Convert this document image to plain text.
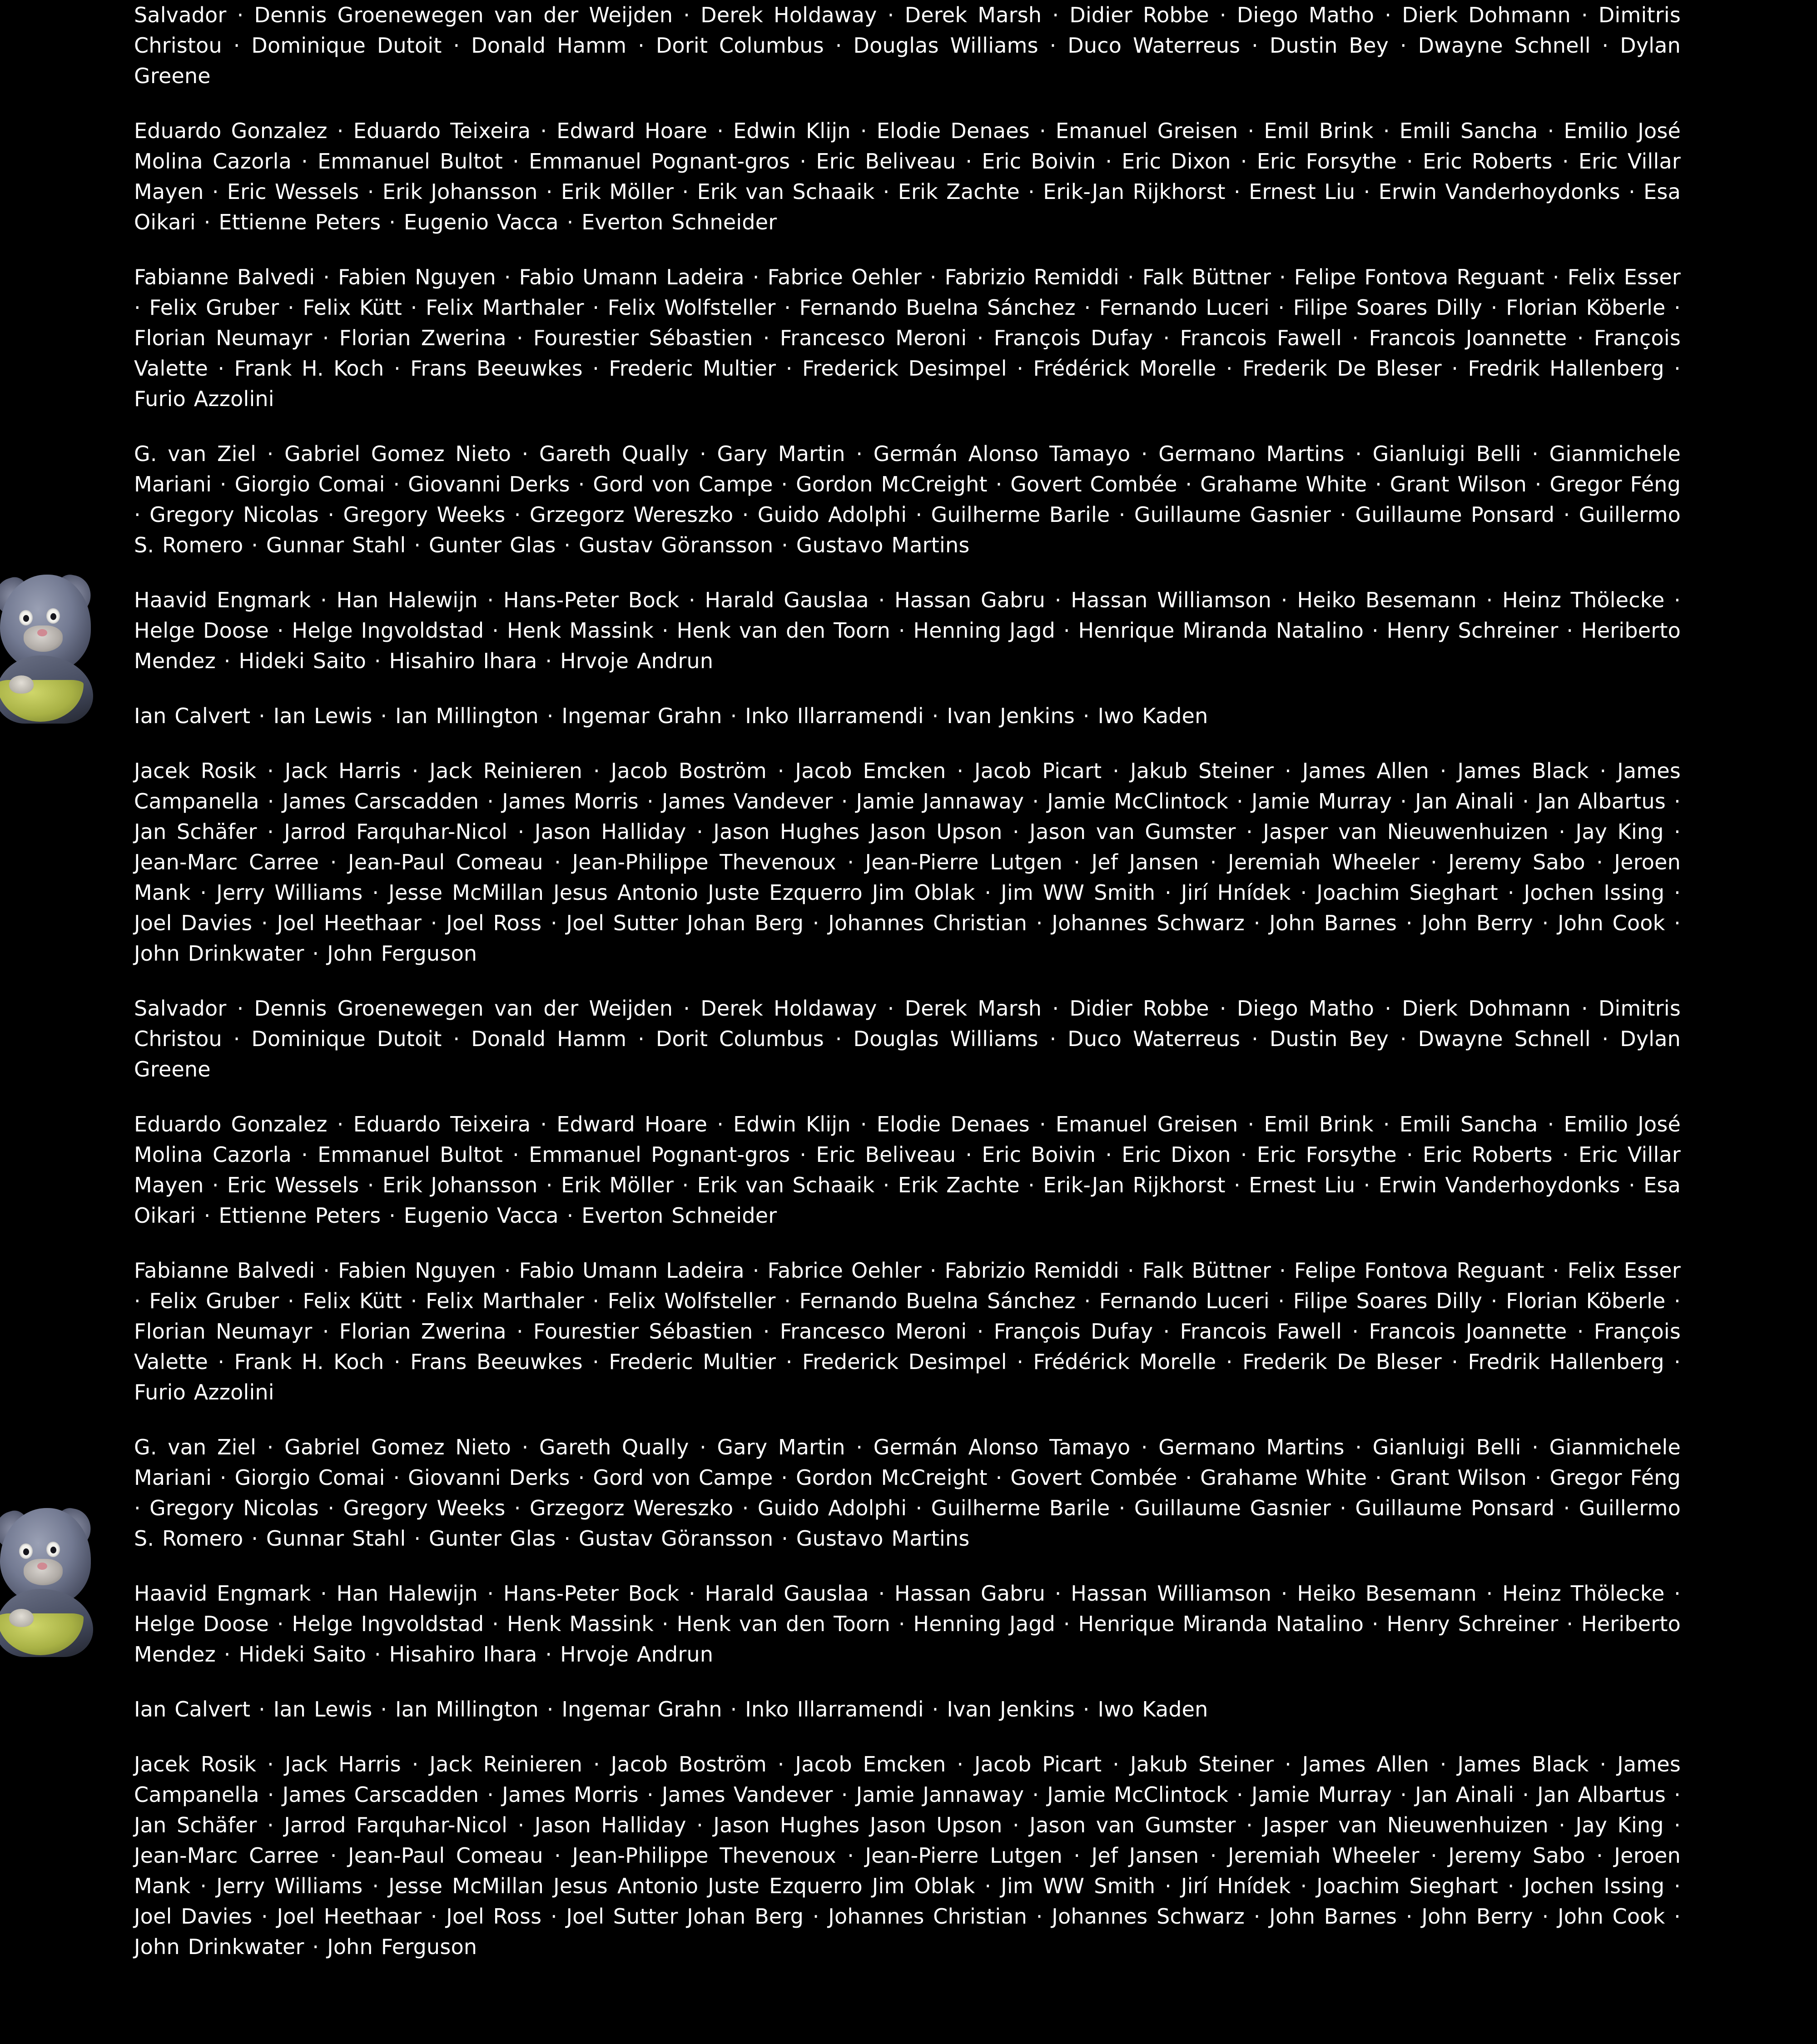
Salvador · Dennis Groenewegen van der Weijden · Derek Holdaway · Derek Marsh · Didier Robbe · Diego Matho · Dierk Dohmann · Dimitris Christou · Dominique Dutoit · Donald Hamm · Dorit Columbus · Douglas Williams · Duco Waterreus · Dustin Bey · Dwayne Schnell · Dylan Greene

Eduardo Gonzalez · Eduardo Teixeira · Edward Hoare · Edwin Klijn · Elodie Denaes · Emanuel Greisen · Emil Brink · Emili Sancha · Emilio José Molina Cazorla · Emmanuel Bultot · Emmanuel Pognant-gros · Eric Beliveau · Eric Boivin · Eric Dixon · Eric Forsythe · Eric Roberts · Eric Villar Mayen · Eric Wessels · Erik Johansson · Erik Möller · Erik van Schaaik · Erik Zachte · Erik-Jan Rijkhorst · Ernest Liu · Erwin Vanderhoydonks · Esa Oikari · Ettienne Peters · Eugenio Vacca · Everton Schneider

Fabianne Balvedi · Fabien Nguyen · Fabio Umann Ladeira · Fabrice Oehler · Fabrizio Remiddi · Falk Büttner · Felipe Fontova Reguant · Felix Esser · Felix Gruber · Felix Kütt · Felix Marthaler · Felix Wolfsteller · Fernando Buelna Sánchez · Fernando Luceri · Filipe Soares Dilly · Florian Köberle · Florian Neumayr · Florian Zwerina · Fourestier Sébastien · Francesco Meroni · François Dufay · Francois Fawell · Francois Joannette · François Valette · Frank H. Koch · Frans Beeuwkes · Frederic Multier · Frederick Desimpel · Frédérick Morelle · Frederik De Bleser · Fredrik Hallenberg · Furio Azzolini

G. van Ziel · Gabriel Gomez Nieto · Gareth Qually · Gary Martin · Germán Alonso Tamayo · Germano Martins · Gianluigi Belli · Gianmichele Mariani · Giorgio Comai · Giovanni Derks · Gord von Campe · Gordon McCreight · Govert Combée · Grahame White · Grant Wilson · Gregor Féng · Gregory Nicolas · Gregory Weeks · Grzegorz Wereszko · Guido Adolphi · Guilherme Barile · Guillaume Gasnier · Guillaume Ponsard · Guillermo S. Romero · Gunnar Stahl · Gunter Glas · Gustav Göransson · Gustavo Martins

Haavid Engmark · Han Halewijn · Hans-Peter Bock · Harald Gauslaa · Hassan Gabru · Hassan Williamson · Heiko Besemann · Heinz Thölecke · Helge Doose · Helge Ingvoldstad · Henk Massink · Henk van den Toorn · Henning Jagd · Henrique Miranda Natalino · Henry Schreiner · Heriberto Mendez · Hideki Saito · Hisahiro Ihara · Hrvoje Andrun

Ian Calvert · Ian Lewis · Ian Millington · Ingemar Grahn · Inko Illarramendi · Ivan Jenkins · Iwo Kaden

Jacek Rosik · Jack Harris · Jack Reinieren · Jacob Boström · Jacob Emcken · Jacob Picart · Jakub Steiner · James Allen · James Black · James Campanella · James Carscadden · James Morris · James Vandever · Jamie Jannaway · Jamie McClintock · Jamie Murray · Jan Ainali · Jan Albartus · Jan Schäfer · Jarrod Farquhar-Nicol · Jason Halliday · Jason Hughes Jason Upson · Jason van Gumster · Jasper van Nieuwenhuizen · Jay King · Jean-Marc Carree · Jean-Paul Comeau · Jean-Philippe Thevenoux · Jean-Pierre Lutgen · Jef Jansen · Jeremiah Wheeler · Jeremy Sabo · Jeroen Mank · Jerry Williams · Jesse McMillan Jesus Antonio Juste Ezquerro Jim Oblak · Jim WW Smith · Jirí Hnídek · Joachim Sieghart · Jochen Issing · Joel Davies · Joel Heethaar · Joel Ross · Joel Sutter Johan Berg · Johannes Christian · Johannes Schwarz · John Barnes · John Berry · John Cook · John Drinkwater · John Ferguson

Salvador · Dennis Groenewegen van der Weijden · Derek Holdaway · Derek Marsh · Didier Robbe · Diego Matho · Dierk Dohmann · Dimitris Christou · Dominique Dutoit · Donald Hamm · Dorit Columbus · Douglas Williams · Duco Waterreus · Dustin Bey · Dwayne Schnell · Dylan Greene

Eduardo Gonzalez · Eduardo Teixeira · Edward Hoare · Edwin Klijn · Elodie Denaes · Emanuel Greisen · Emil Brink · Emili Sancha · Emilio José Molina Cazorla · Emmanuel Bultot · Emmanuel Pognant-gros · Eric Beliveau · Eric Boivin · Eric Dixon · Eric Forsythe · Eric Roberts · Eric Villar Mayen · Eric Wessels · Erik Johansson · Erik Möller · Erik van Schaaik · Erik Zachte · Erik-Jan Rijkhorst · Ernest Liu · Erwin Vanderhoydonks · Esa Oikari · Ettienne Peters · Eugenio Vacca · Everton Schneider

Fabianne Balvedi · Fabien Nguyen · Fabio Umann Ladeira · Fabrice Oehler · Fabrizio Remiddi · Falk Büttner · Felipe Fontova Reguant · Felix Esser · Felix Gruber · Felix Kütt · Felix Marthaler · Felix Wolfsteller · Fernando Buelna Sánchez · Fernando Luceri · Filipe Soares Dilly · Florian Köberle · Florian Neumayr · Florian Zwerina · Fourestier Sébastien · Francesco Meroni · François Dufay · Francois Fawell · Francois Joannette · François Valette · Frank H. Koch · Frans Beeuwkes · Frederic Multier · Frederick Desimpel · Frédérick Morelle · Frederik De Bleser · Fredrik Hallenberg · Furio Azzolini

G. van Ziel · Gabriel Gomez Nieto · Gareth Qually · Gary Martin · Germán Alonso Tamayo · Germano Martins · Gianluigi Belli · Gianmichele Mariani · Giorgio Comai · Giovanni Derks · Gord von Campe · Gordon McCreight · Govert Combée · Grahame White · Grant Wilson · Gregor Féng · Gregory Nicolas · Gregory Weeks · Grzegorz Wereszko · Guido Adolphi · Guilherme Barile · Guillaume Gasnier · Guillaume Ponsard · Guillermo S. Romero · Gunnar Stahl · Gunter Glas · Gustav Göransson · Gustavo Martins

Haavid Engmark · Han Halewijn · Hans-Peter Bock · Harald Gauslaa · Hassan Gabru · Hassan Williamson · Heiko Besemann · Heinz Thölecke · Helge Doose · Helge Ingvoldstad · Henk Massink · Henk van den Toorn · Henning Jagd · Henrique Miranda Natalino · Henry Schreiner · Heriberto Mendez · Hideki Saito · Hisahiro Ihara · Hrvoje Andrun

Ian Calvert · Ian Lewis · Ian Millington · Ingemar Grahn · Inko Illarramendi · Ivan Jenkins · Iwo Kaden

Jacek Rosik · Jack Harris · Jack Reinieren · Jacob Boström · Jacob Emcken · Jacob Picart · Jakub Steiner · James Allen · James Black · James Campanella · James Carscadden · James Morris · James Vandever · Jamie Jannaway · Jamie McClintock · Jamie Murray · Jan Ainali · Jan Albartus · Jan Schäfer · Jarrod Farquhar-Nicol · Jason Halliday · Jason Hughes Jason Upson · Jason van Gumster · Jasper van Nieuwenhuizen · Jay King · Jean-Marc Carree · Jean-Paul Comeau · Jean-Philippe Thevenoux · Jean-Pierre Lutgen · Jef Jansen · Jeremiah Wheeler · Jeremy Sabo · Jeroen Mank · Jerry Williams · Jesse McMillan Jesus Antonio Juste Ezquerro Jim Oblak · Jim WW Smith · Jirí Hnídek · Joachim Sieghart · Jochen Issing · Joel Davies · Joel Heethaar · Joel Ross · Joel Sutter Johan Berg · Johannes Christian · Johannes Schwarz · John Barnes · John Berry · John Cook · John Drinkwater · John Ferguson
